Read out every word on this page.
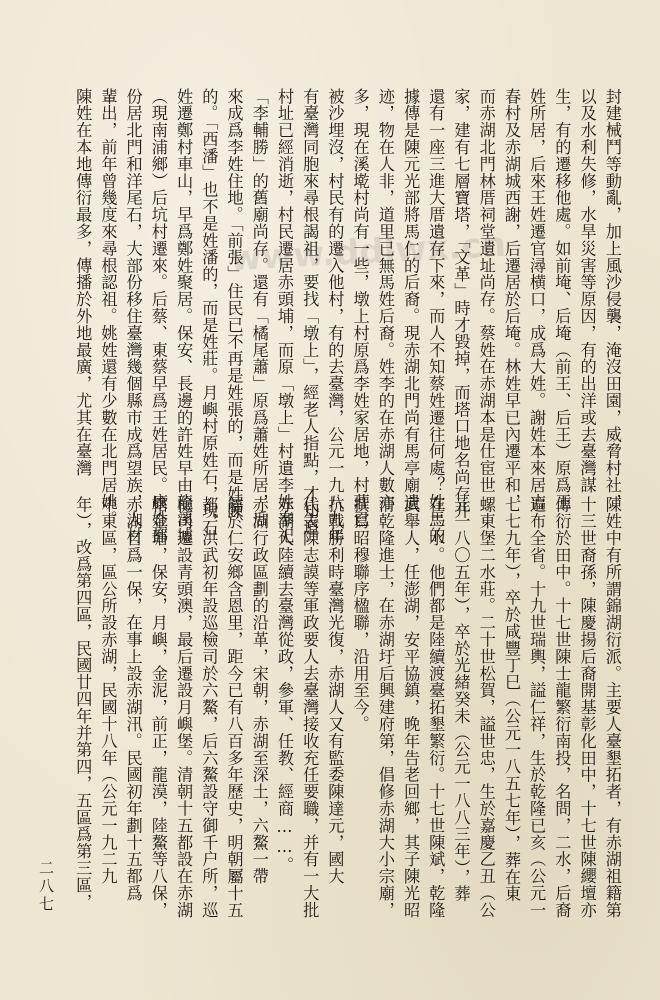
www.ddlwx.cn	封建械鬥等動亂，加上風沙侵襲，淹沒田園，威脅村社，
以及水利失修，水旱災害等原因，有的出洋或去臺灣謀
生，有的遷移他處。如前埯、后埯（前王、后王）原爲王
姓所居，后來王姓遷官潯横口，成爲大姓。謝姓本來居吉
春村及赤湖城西謝，后遷居於后埯。林姓早已內遷平和，
而赤湖北門林厝祠堂遺址尚存。蔡姓在赤湖本是仕宦世
家，建有七層寶塔，「文革」時才毀掉，而塔口地名尚存并
還有一座三進大厝遺存下來，而人不知蔡姓遷往何處？姓馬的
據傳是陳元光部將馬仁的后裔。現赤湖北門尚有馬亭廟遺
迹，物在人非，道里已無馬姓后裔。姓李的在赤湖人數亦
多，現在溪墘村尚有一些，墩上村原爲李姓家居地，村莊已
被沙埋沒，村民有的遷入他村，有的去臺灣，公元一九八九年
有臺灣同胞來尋根謁祖，要找「墩上」，經老人指點，才知道
村址已經消逝，村民遷居赤頭埔，而原「墩上」村遺李姓奉祀
「李輔勝」的舊廟尚存。還有「橘尾蕭」原爲蕭姓所居，后
來成爲李姓住地。「前張」住民已不再是姓張的，而是姓陳
的。「西潘」也不是姓潘的，而是姓莊。月嶼村原姓石，現石
姓遷鄭村車山，早爲鄭姓聚居。保安、長邊的許姓早由龍溪墟
（現南浦鄉）后坑村遷來。后蔡、東蔡早爲王姓居民。康姓都
份居北門和洋尾石，大部份移住臺灣幾個縣市成爲望族，人材
輩出，前年曾幾度來尋根認祖。姚姓還有少數在北門居姚。
陳姓在本地傳衍最多，傳播於外地最廣，尤其在臺灣
陳姓中有所謂錦湖衍派。主要人臺墾拓者，有赤湖祖籍第
十三世裔孫，陳慶揚后裔開基彰化田中，十七世陳纓壇亦
傳衍於田中。十七世陳士龍繁衍南投，名問，二水，后裔
遍布全省。十九世瑞輿，謚仁祥，生於乾隆已亥（公元一
七七九年），卒於咸豐丁巳（公元一八五七年），葬在東
螺東堡二水莊。二十世松賀，謚世忠，生於嘉慶乙丑（公
元一八〇五年），卒於光緒癸未（公元一八八三年），葬
在二水。他們都是陸續渡臺拓墾繁衍。十七世陳斌，乾隆
武舉人，任澎湖，安平協鎮，晚年告老回鄉，其子陳光昭
清乾隆進士，在赤湖圩后興建府第，倡修赤湖大小宗廟，
撰寫昭穆聯序楹聯，沿用至今。
抗戰勝利時臺灣光復，赤湖人又有監委陳達元，國大
代表陳志謨等軍政要人去臺灣接收充任要職，并有一大批
赤湖人陸續去臺灣從政，參軍、任教、經商……。
赤湖行政區劃的沿革，宋朝，赤湖至深土，六鰲一帶
屬於仁安鄉含恩里，距今已有八百多年歷史，明朝屬十五
都，洪武初年設巡檢司於六鰲，后六鰲設守御千户所，巡
檢司遷設青頭澳，最后遷設月嶼堡。清朝十五都設在赤湖
轄金塘，保安，月嶼，金泥，前正，龍漠，陸鰲等八保，
赤湖自爲一保，在事上設赤湖汛。民國初年劃十五都爲
中東區，區公所設赤湖，民國十八年（公元一九二九
年），改爲第四區，民國廿四年并第四，五區爲第三區，
二八七
